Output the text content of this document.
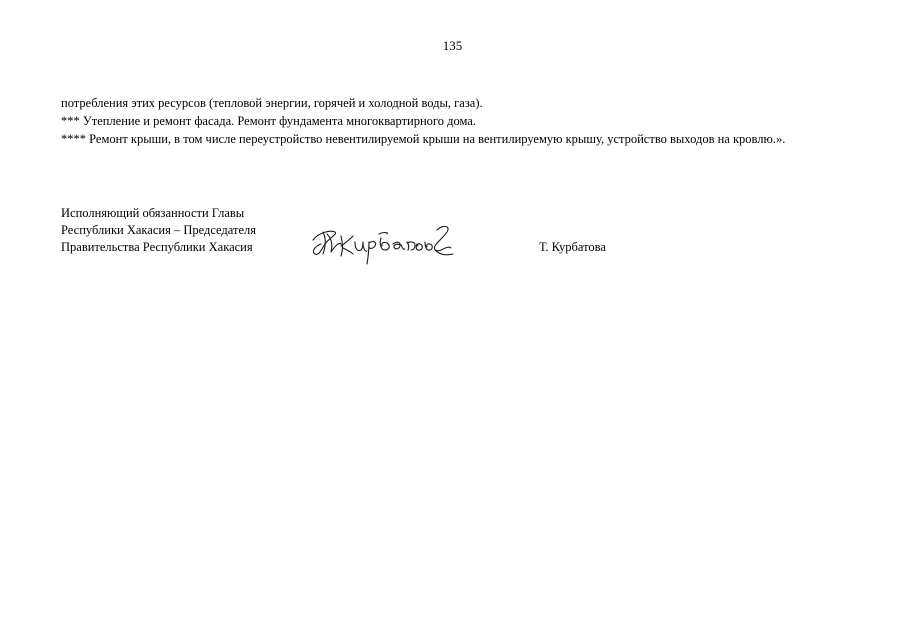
135

потребления этих ресурсов (тепловой энергии, горячей и холодной воды, газа).

*** Утепление и ремонт фасада. Ремонт фундамента многоквартирного дома.

**** Ремонт крыши, в том числе переустройство невентилируемой крыши на вентилируемую крышу, устройство выходов на кровлю.».

Исполняющий обязанности Главы
Республики Хакасия – Председателя
Правительства Республики Хакасия	Т. Курбатова
